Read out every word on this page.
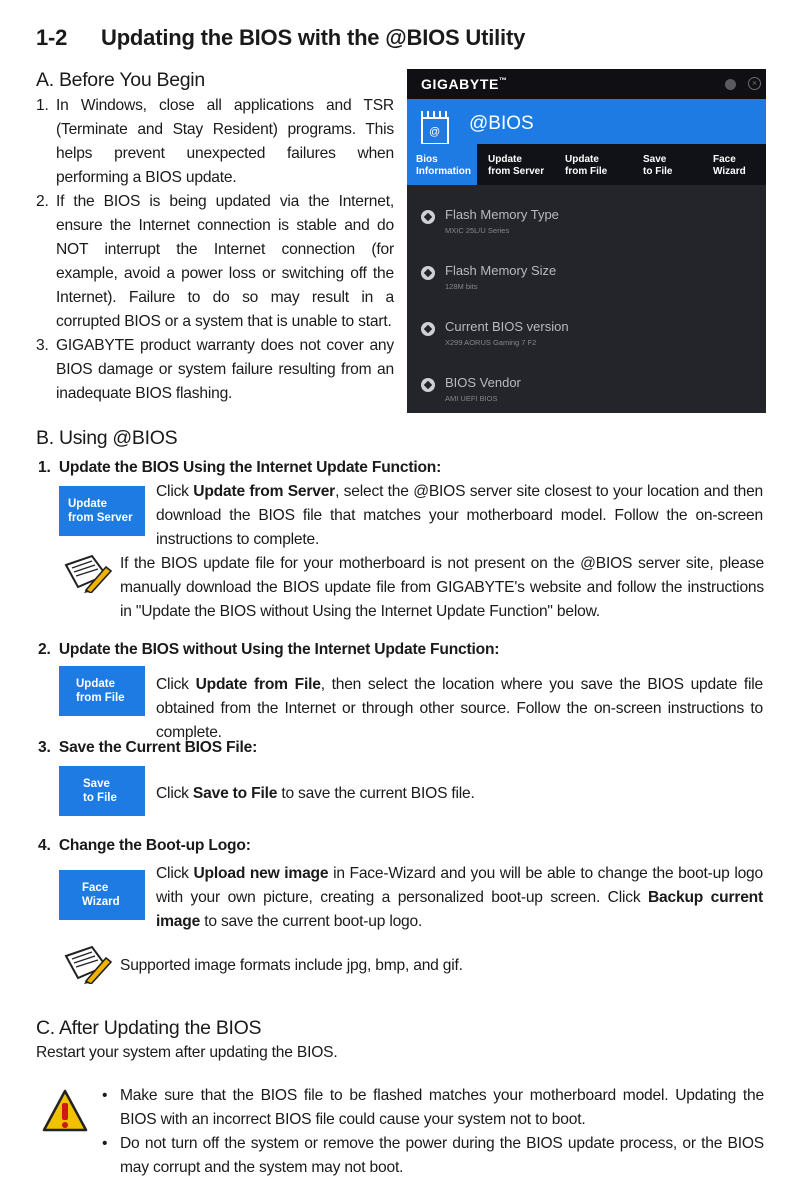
1-2 Updating the BIOS with the @BIOS Utility
A. Before You Begin
1. In Windows, close all applications and TSR (Terminate and Stay Resident) programs. This helps prevent unexpected failures when performing a BIOS update.
2. If the BIOS is being updated via the Internet, ensure the Internet connection is stable and do NOT interrupt the Internet connection (for example, avoid a power loss or switching off the Internet). Failure to do so may result in a corrupted BIOS or a system that is unable to start.
3. GIGABYTE product warranty does not cover any BIOS damage or system failure resulting from an inadequate BIOS flashing.
GIGABYTE™	×
@
@BIOS
Bios
Information
Update
from Server
Update
from File
Save
to File
Face
Wizard
Flash Memory Type
MXIC 25L/U Series
Flash Memory Size
128M bits
Current BIOS version
X299 AORUS Gaming 7 F2
BIOS Vendor
AMI UEFI BIOS
B. Using @BIOS
1.  Update the BIOS Using the Internet Update Function:
Update
from Server
Click Update from Server, select the @BIOS server site closest to your location and then download the BIOS file that matches your motherboard model. Follow the on-screen instructions to complete.
If the BIOS update file for your motherboard is not present on the @BIOS server site, please manually download the BIOS update file from GIGABYTE's website and follow the instructions in "Update the BIOS without Using the Internet Update Function" below.
2.  Update the BIOS without Using the Internet Update Function:
Update
from File
Click Update from File, then select the location where you save the BIOS update file obtained from the Internet or through other source. Follow the on-screen instructions to complete.
3.  Save the Current BIOS File:
Save
to File	Click Save to File to save the current BIOS file.
4.  Change the Boot-up Logo:
Face
Wizard
Click Upload new image in Face-Wizard and you will be able to change the boot-up logo with your own picture, creating a personalized boot-up screen. Click Backup current image to save the current boot-up logo.
Supported image formats include jpg, bmp, and gif.
C. After Updating the BIOS
Restart your system after updating the BIOS.
• Make sure that the BIOS file to be flashed matches your motherboard model. Updating the BIOS with an incorrect BIOS file could cause your system not to boot.
• Do not turn off the system or remove the power during the BIOS update process, or the BIOS may corrupt and the system may not boot.
